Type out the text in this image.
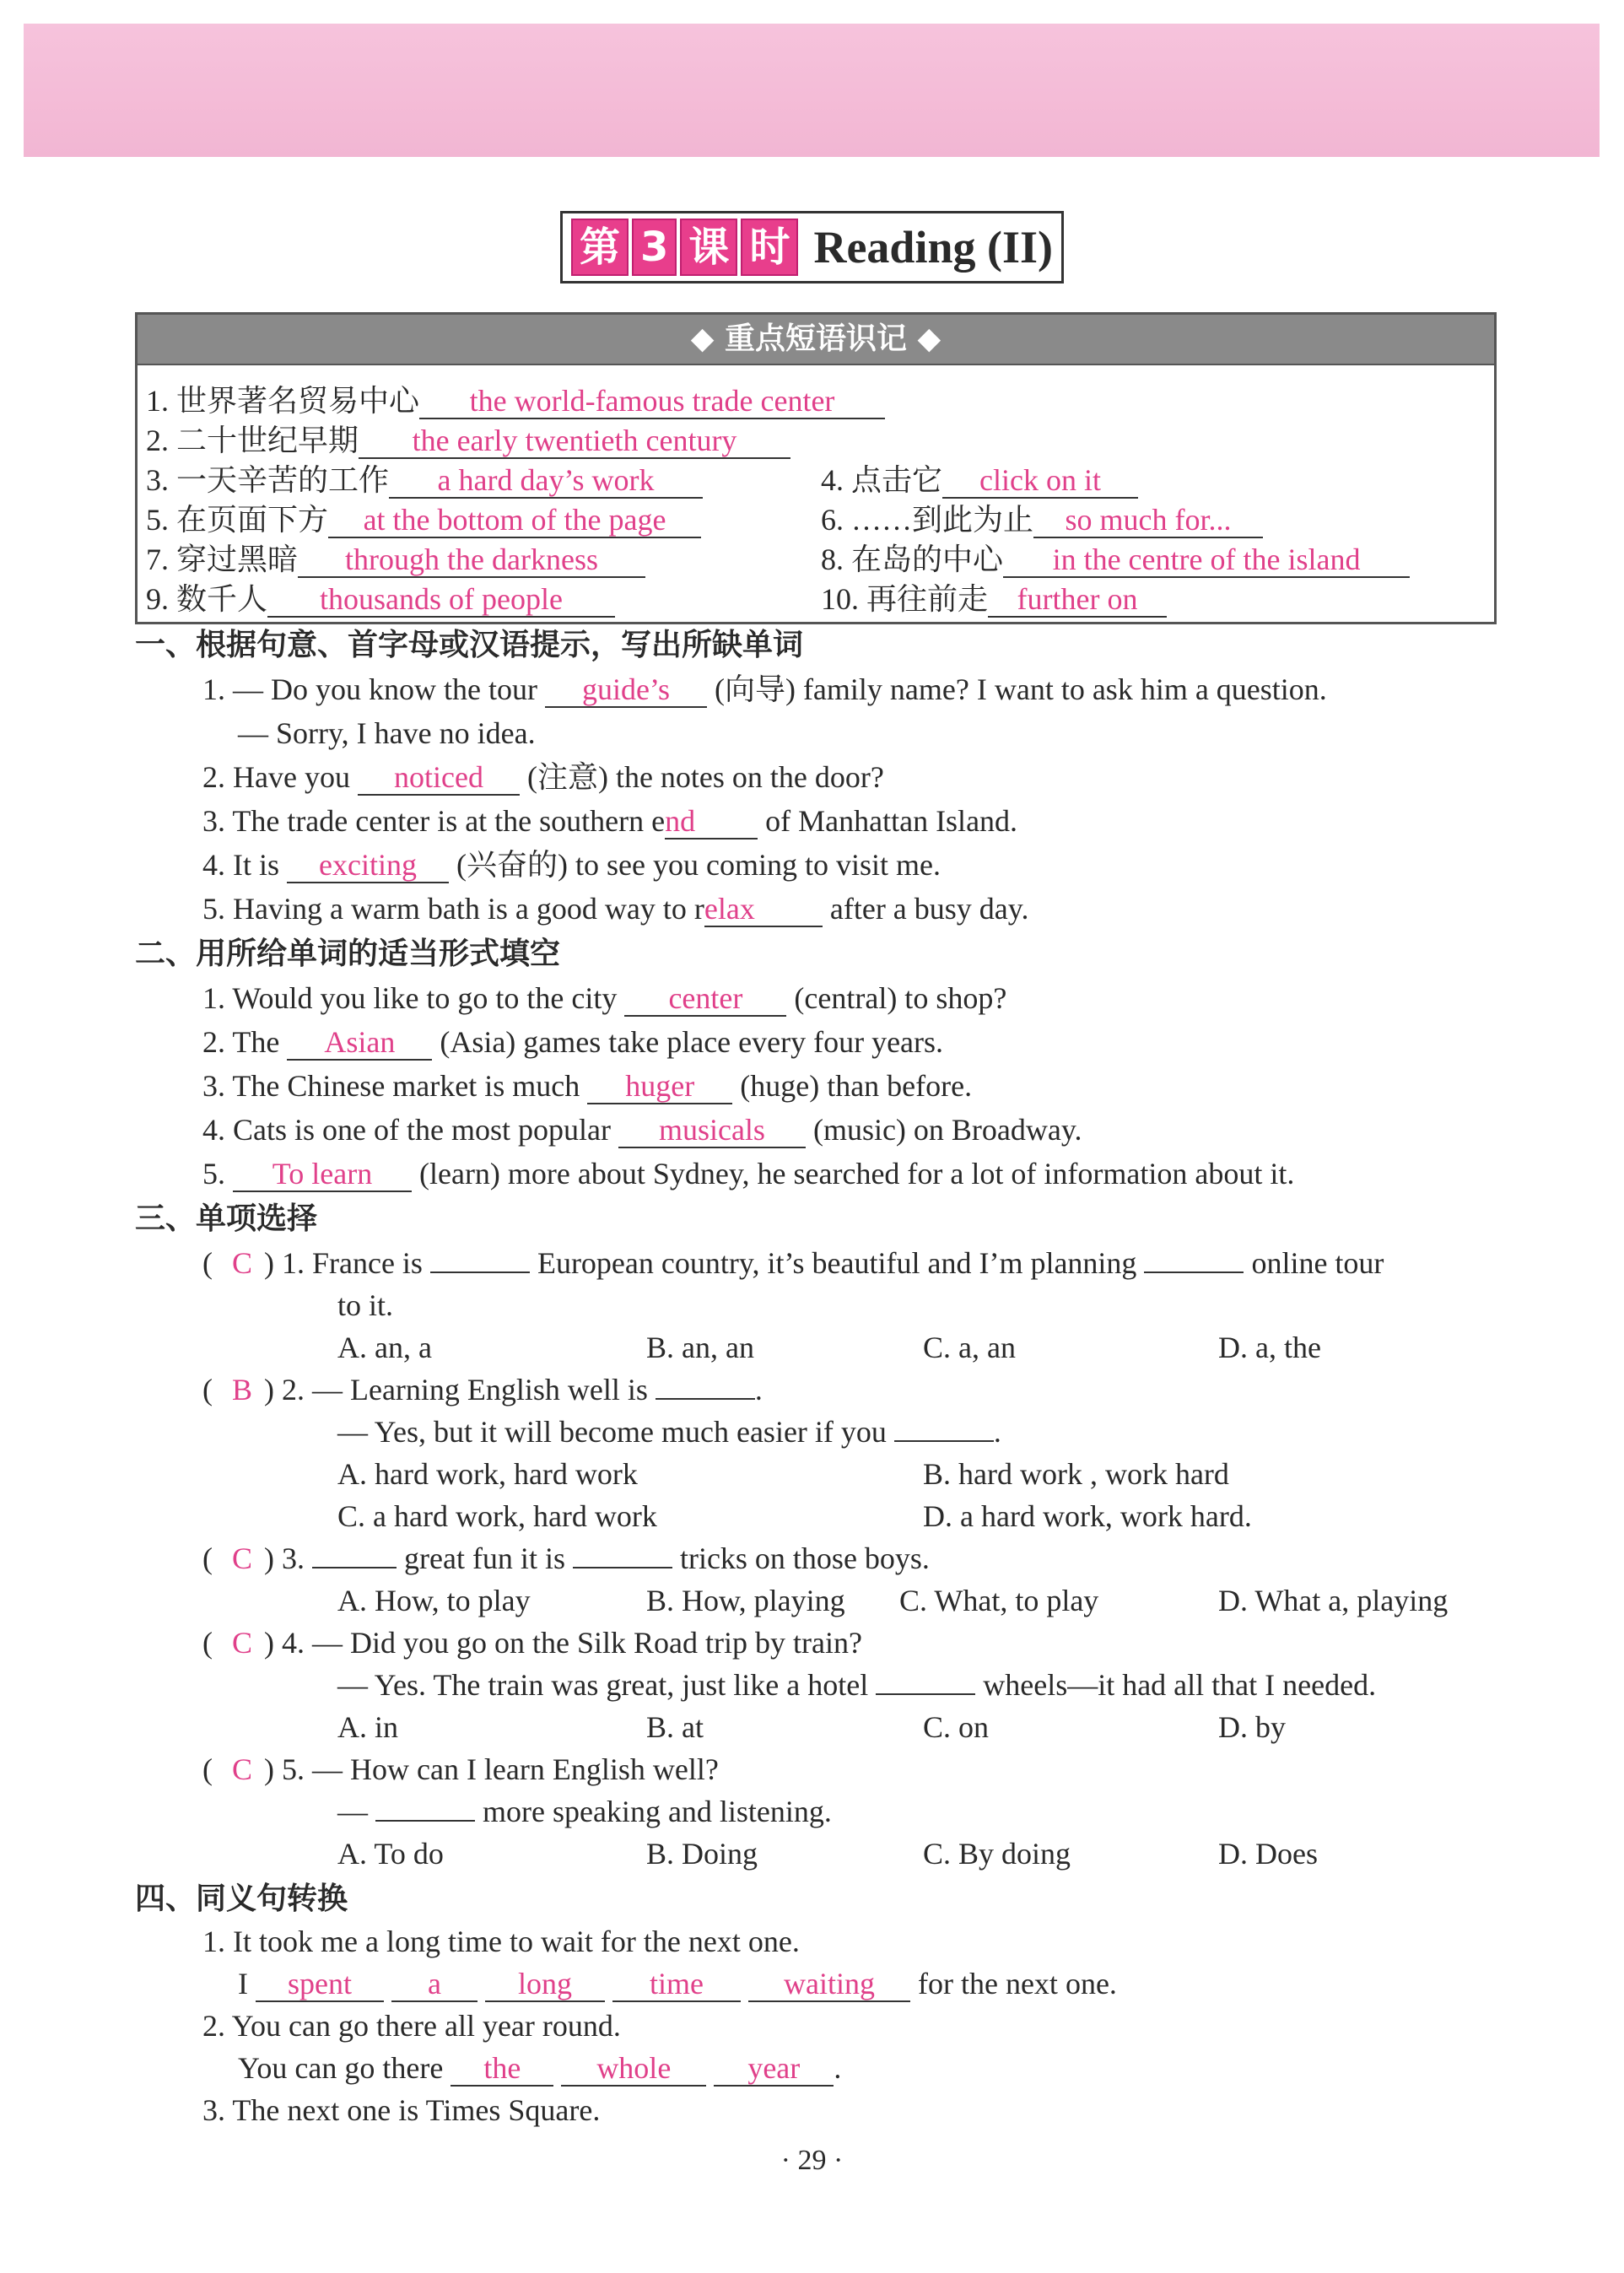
第 3 课 时 Reading (II)
◆ 重点短语识记 ◆
1. 世界著名贸易中心 the world-famous trade center
2. 二十世纪早期 the early twentieth century
3. 一天辛苦的工作 a hard day’s work	4. 点击它 click on it
5. 在页面下方 at the bottom of the page	6. ……到此为止 so much for...
7. 穿过黑暗 through the darkness	8. 在岛的中心 in the centre of the island
9. 数千人 thousands of people	10. 再往前走 further on
一、根据句意、首字母或汉语提示，写出所缺单词
1. — Do you know the tour guide’s (向导) family name? I want to ask him a question.
— Sorry, I have no idea.
2. Have you noticed (注意) the notes on the door?
3. The trade center is at the southern end of Manhattan Island.
4. It is exciting (兴奋的) to see you coming to visit me.
5. Having a warm bath is a good way to relax after a busy day.
二、用所给单词的适当形式填空
1. Would you like to go to the city center (central) to shop?
2. The Asian (Asia) games take place every four years.
3. The Chinese market is much huger (huge) than before.
4. Cats is one of the most popular musicals (music) on Broadway.
5. To learn (learn) more about Sydney, he searched for a lot of information about it.
三、单项选择
( C ) 1. France is	European country, it’s beautiful and I’m planning	online tour
to it.
A. an, a	B. an, an	C. a, an	D. a, the
( B ) 2. — Learning English well is	.
— Yes, but it will become much easier if you	.
A. hard work, hard work	B. hard work , work hard
C. a hard work, hard work	D. a hard work, work hard.
( C ) 3.	great fun it is	tricks on those boys.
A. How, to play	B. How, playing C. What, to play	D. What a, playing
( C ) 4. — Did you go on the Silk Road trip by train?
— Yes. The train was great, just like a hotel	wheels—it had all that I needed.
A. in	B. at	C. on	D. by
( C ) 5. — How can I learn English well?
—	more speaking and listening.
A. To do	B. Doing	C. By doing	D. Does
四、同义句转换
1. It took me a long time to wait for the next one.
I spent	a	long	time	waiting for the next one.
2. You can go there all year round.
You can go there the	whole	year .
3. The next one is Times Square.
· 29 ·
